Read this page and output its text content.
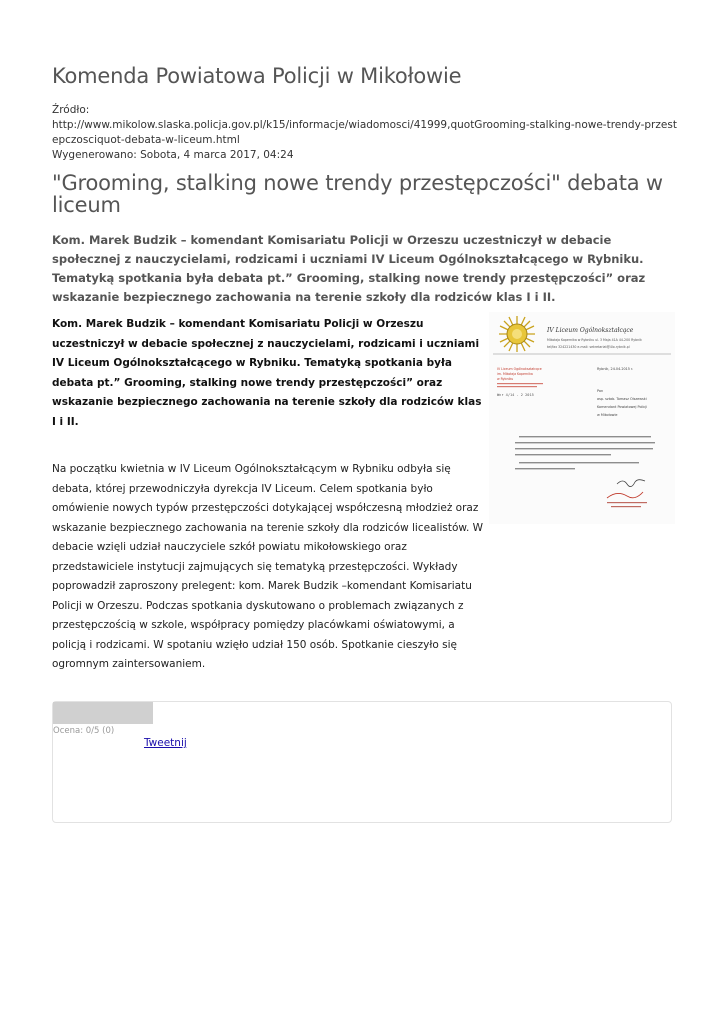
Komenda Powiatowa Policji w Mikołowie
Źródło:
http://www.mikolow.slaska.policja.gov.pl/k15/informacje/wiadomosci/41999,quotGrooming-stalking-nowe-trendy-przestepczosciquot-debata-w-liceum.html
Wygenerowano: Sobota, 4 marca 2017, 04:24
"Grooming, stalking nowe trendy przestępczości" debata w liceum

Kom. Marek Budzik – komendant Komisariatu Policji w Orzeszu uczestniczył w debacie społecznej z nauczycielami, rodzicami i uczniami IV Liceum Ogólnokształcącego w Rybniku. Tematyką spotkania była debata pt.” Grooming, stalking nowe trendy przestępczości” oraz wskazanie bezpiecznego zachowania na terenie szkoły dla rodziców klas I i II.

Kom. Marek Budzik – komendant Komisariatu Policji w Orzeszu uczestniczył w debacie społecznej z nauczycielami, rodzicami i uczniami IV Liceum Ogólnokształcącego w Rybniku. Tematyką spotkania była debata pt.” Grooming, stalking nowe trendy przestępczości” oraz wskazanie bezpiecznego zachowania na terenie szkoły dla rodziców klas I i II.

IV Liceum Ogólnokształcące
Mikołaja Kopernika w Rybniku ul. 3 Maja 41A 44-200 Rybnik
tel/fax 324221430 e-mail: sekretariat@4lo.rybnik.pl
IV Liceum Ogólnokształcące
im. Mikołaja Kopernika
w Rybniku
Wnr 4/14 - 2 2015
Rybnik, 24.04.2015 r.
Pan
asp. sztab. Tomasz Olszewski
Komendant Powiatowej Policji
w Mikołowie

Na początku kwietnia w IV Liceum Ogólnokształcącym w Rybniku odbyła się debata, której przewodniczyła dyrekcja IV Liceum. Celem spotkania było omówienie nowych typów przestępczości dotykającej współczesną młodzież oraz wskazanie bezpiecznego zachowania na terenie szkoły dla rodziców licealistów. W debacie wzięli udział nauczyciele szkół powiatu mikołowskiego oraz przedstawiciele instytucji zajmujących się tematyką przestępczości. Wykłady poprowadził zaproszony prelegent: kom. Marek Budzik –komendant Komisariatu Policji w Orzeszu. Podczas spotkania dyskutowano o problemach związanych z przestępczością w szkole, współpracy pomiędzy placówkami oświatowymi, a policją i rodzicami. W spotaniu wzięło udział 150 osób. Spotkanie cieszyło się ogromnym zaintersowaniem.

Ocena: 0/5 (0)
Tweetnij
